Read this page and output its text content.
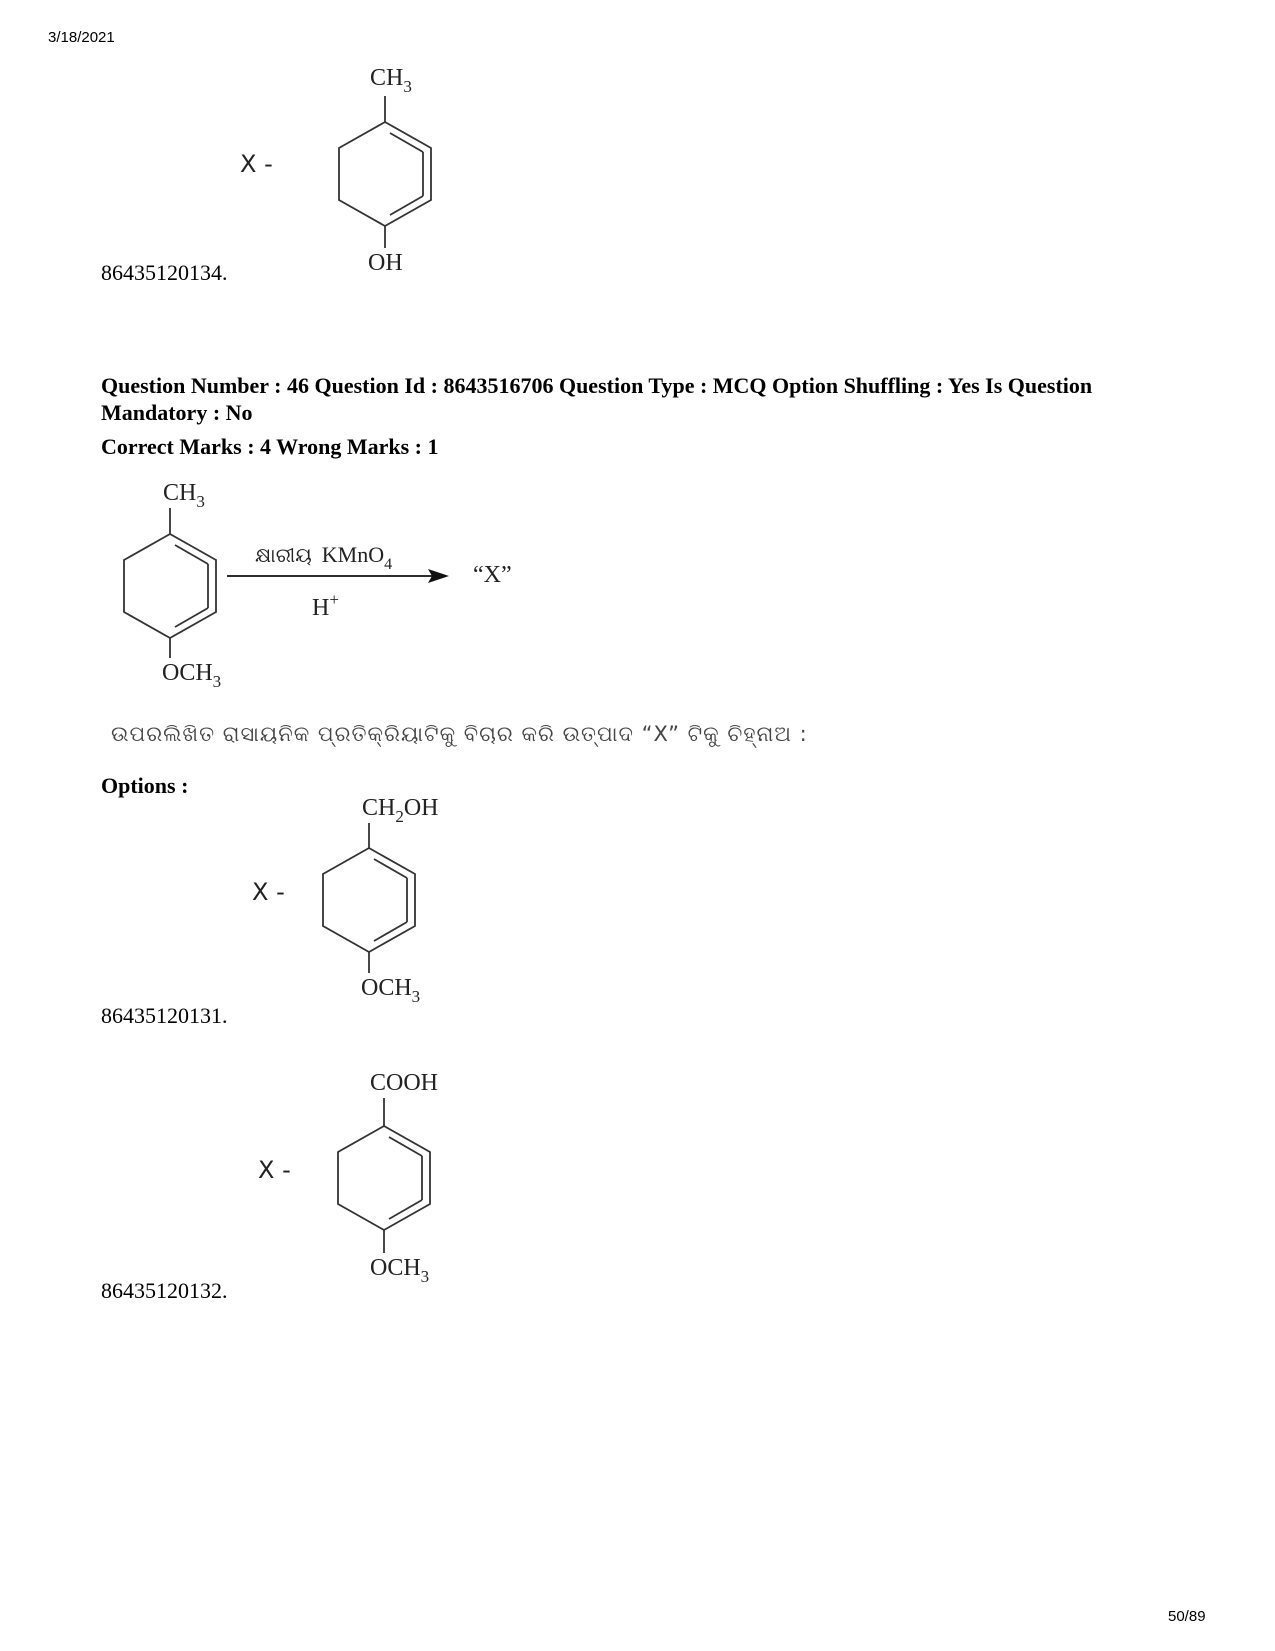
3/18/2021
X -
$CH_3$
OH
86435120134.
Question Number : 46 Question Id : 8643516706 Question Type : MCQ Option Shuffling : Yes Is Question Mandatory : No
Correct Marks : 4 Wrong Marks : 1
$CH_3$
$OCH_3$
କ୍ଷାରୀୟ KMnO$_4$
H+
“X”
ଉପରଲିଖିତ ରାସାୟନିକ ପ୍ରତିକ୍ରିୟାଟିକୁ ବିଚାର କରି ଉତ୍ପାଦ “X” ଟିକୁ ଚିହ୍ନାଅ :
Options :
X -
$CH_2OH$
$OCH_3$
86435120131.
X -
COOH
$OCH_3$
86435120132.
50/89
